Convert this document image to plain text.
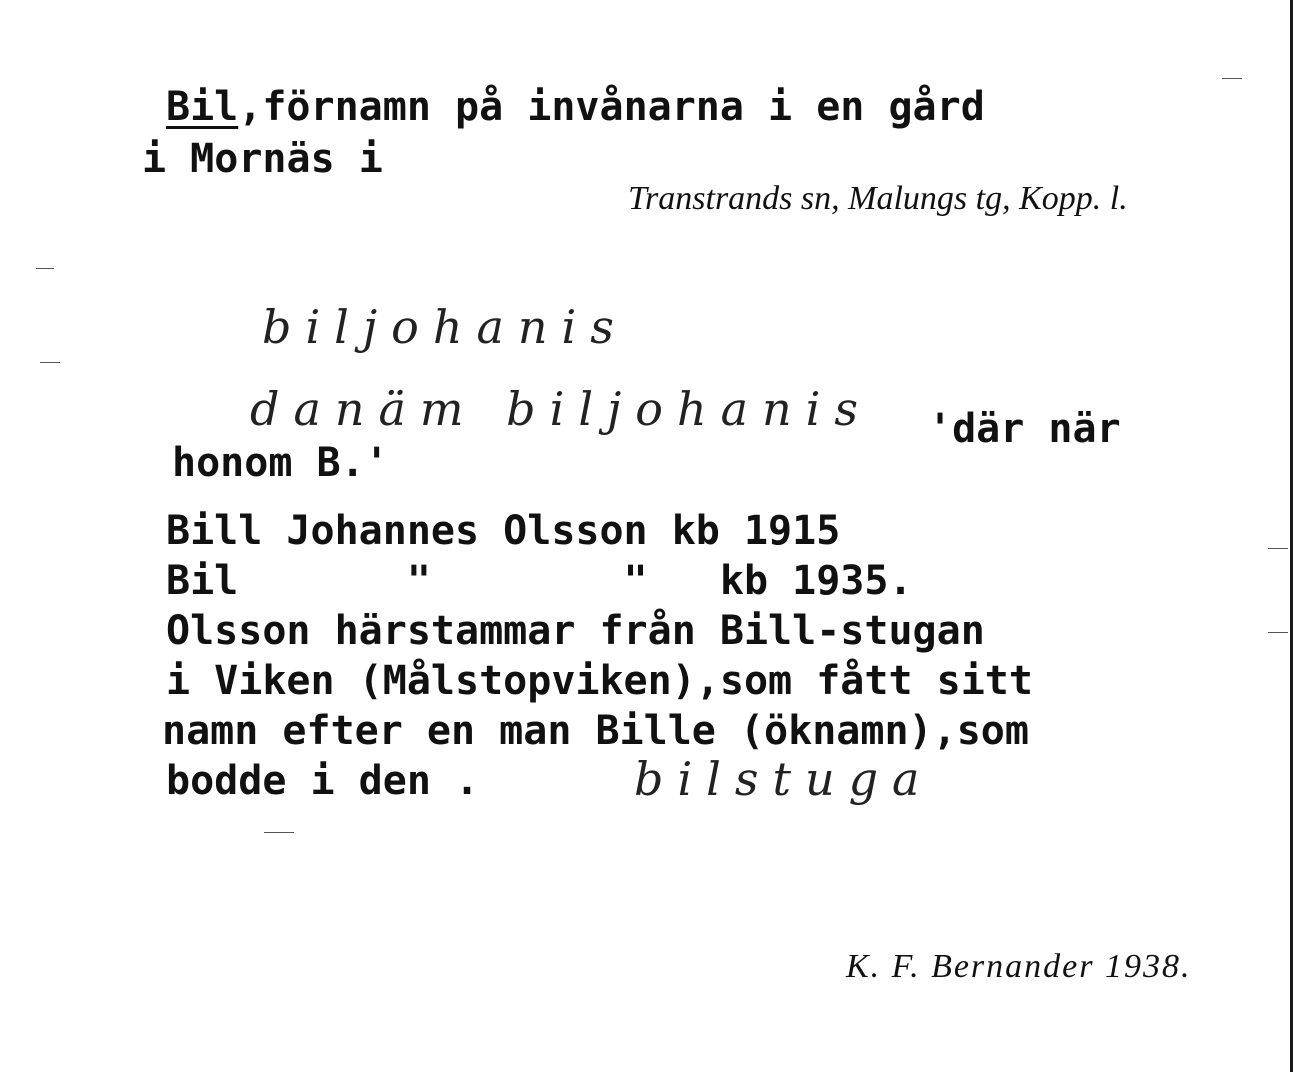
Bil,förnamn på invånarna i en gård
i Mornäs i
Transtrands sn, Malungs tg, Kopp. l.
biljohanis
danäm biljohanis 'där när
honom B.'
Bill Johannes Olsson kb 1915
Bil       "        "   kb 1935.
Olsson härstammar från Bill-stugan
i Viken (Målstopviken),som fått sitt
namn efter en man Bille (öknamn),som
bodde i den .	bilstuga
K. F. Bernander 1938.
